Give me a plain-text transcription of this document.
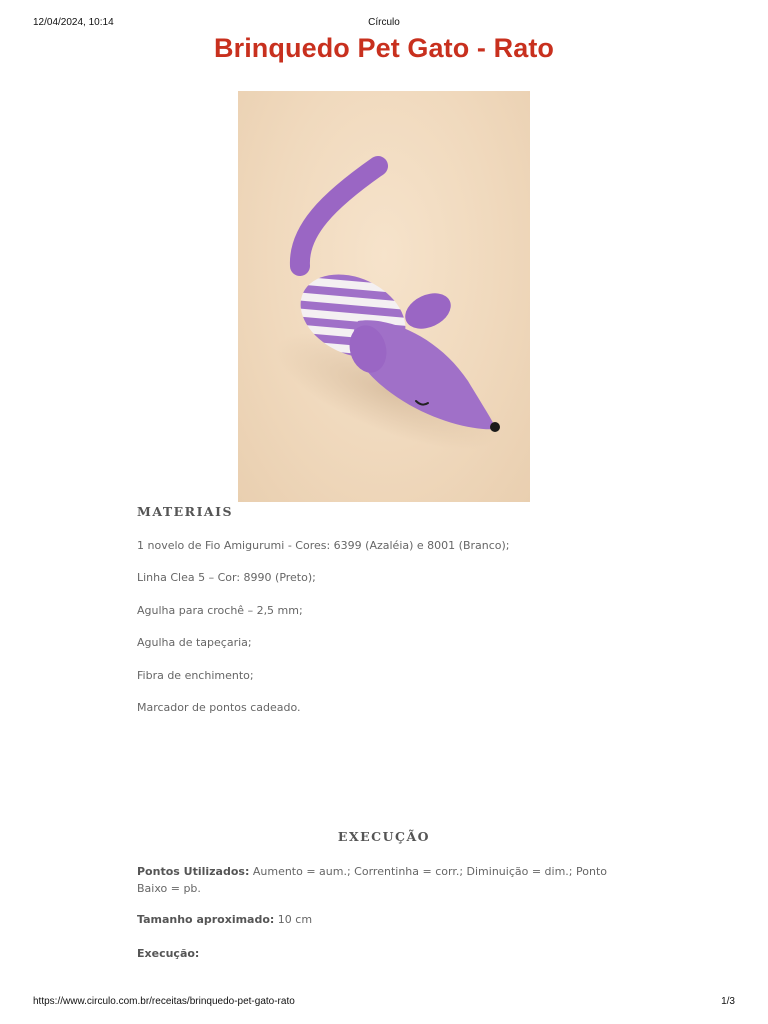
12/04/2024, 10:14	Círculo
Brinquedo Pet Gato - Rato
MATERIAIS
1 novelo de Fio Amigurumi - Cores: 6399 (Azaléia) e 8001 (Branco);
Linha Clea 5 – Cor: 8990 (Preto);
Agulha para crochê – 2,5 mm;
Agulha de tapeçaria;
Fibra de enchimento;
Marcador de pontos cadeado.
EXECUÇÃO
Pontos Utilizados: Aumento = aum.; Correntinha = corr.; Diminuição = dim.; Ponto Baixo = pb.
Tamanho aproximado: 10 cm
Execução:
https://www.circulo.com.br/receitas/brinquedo-pet-gato-rato	1/3
